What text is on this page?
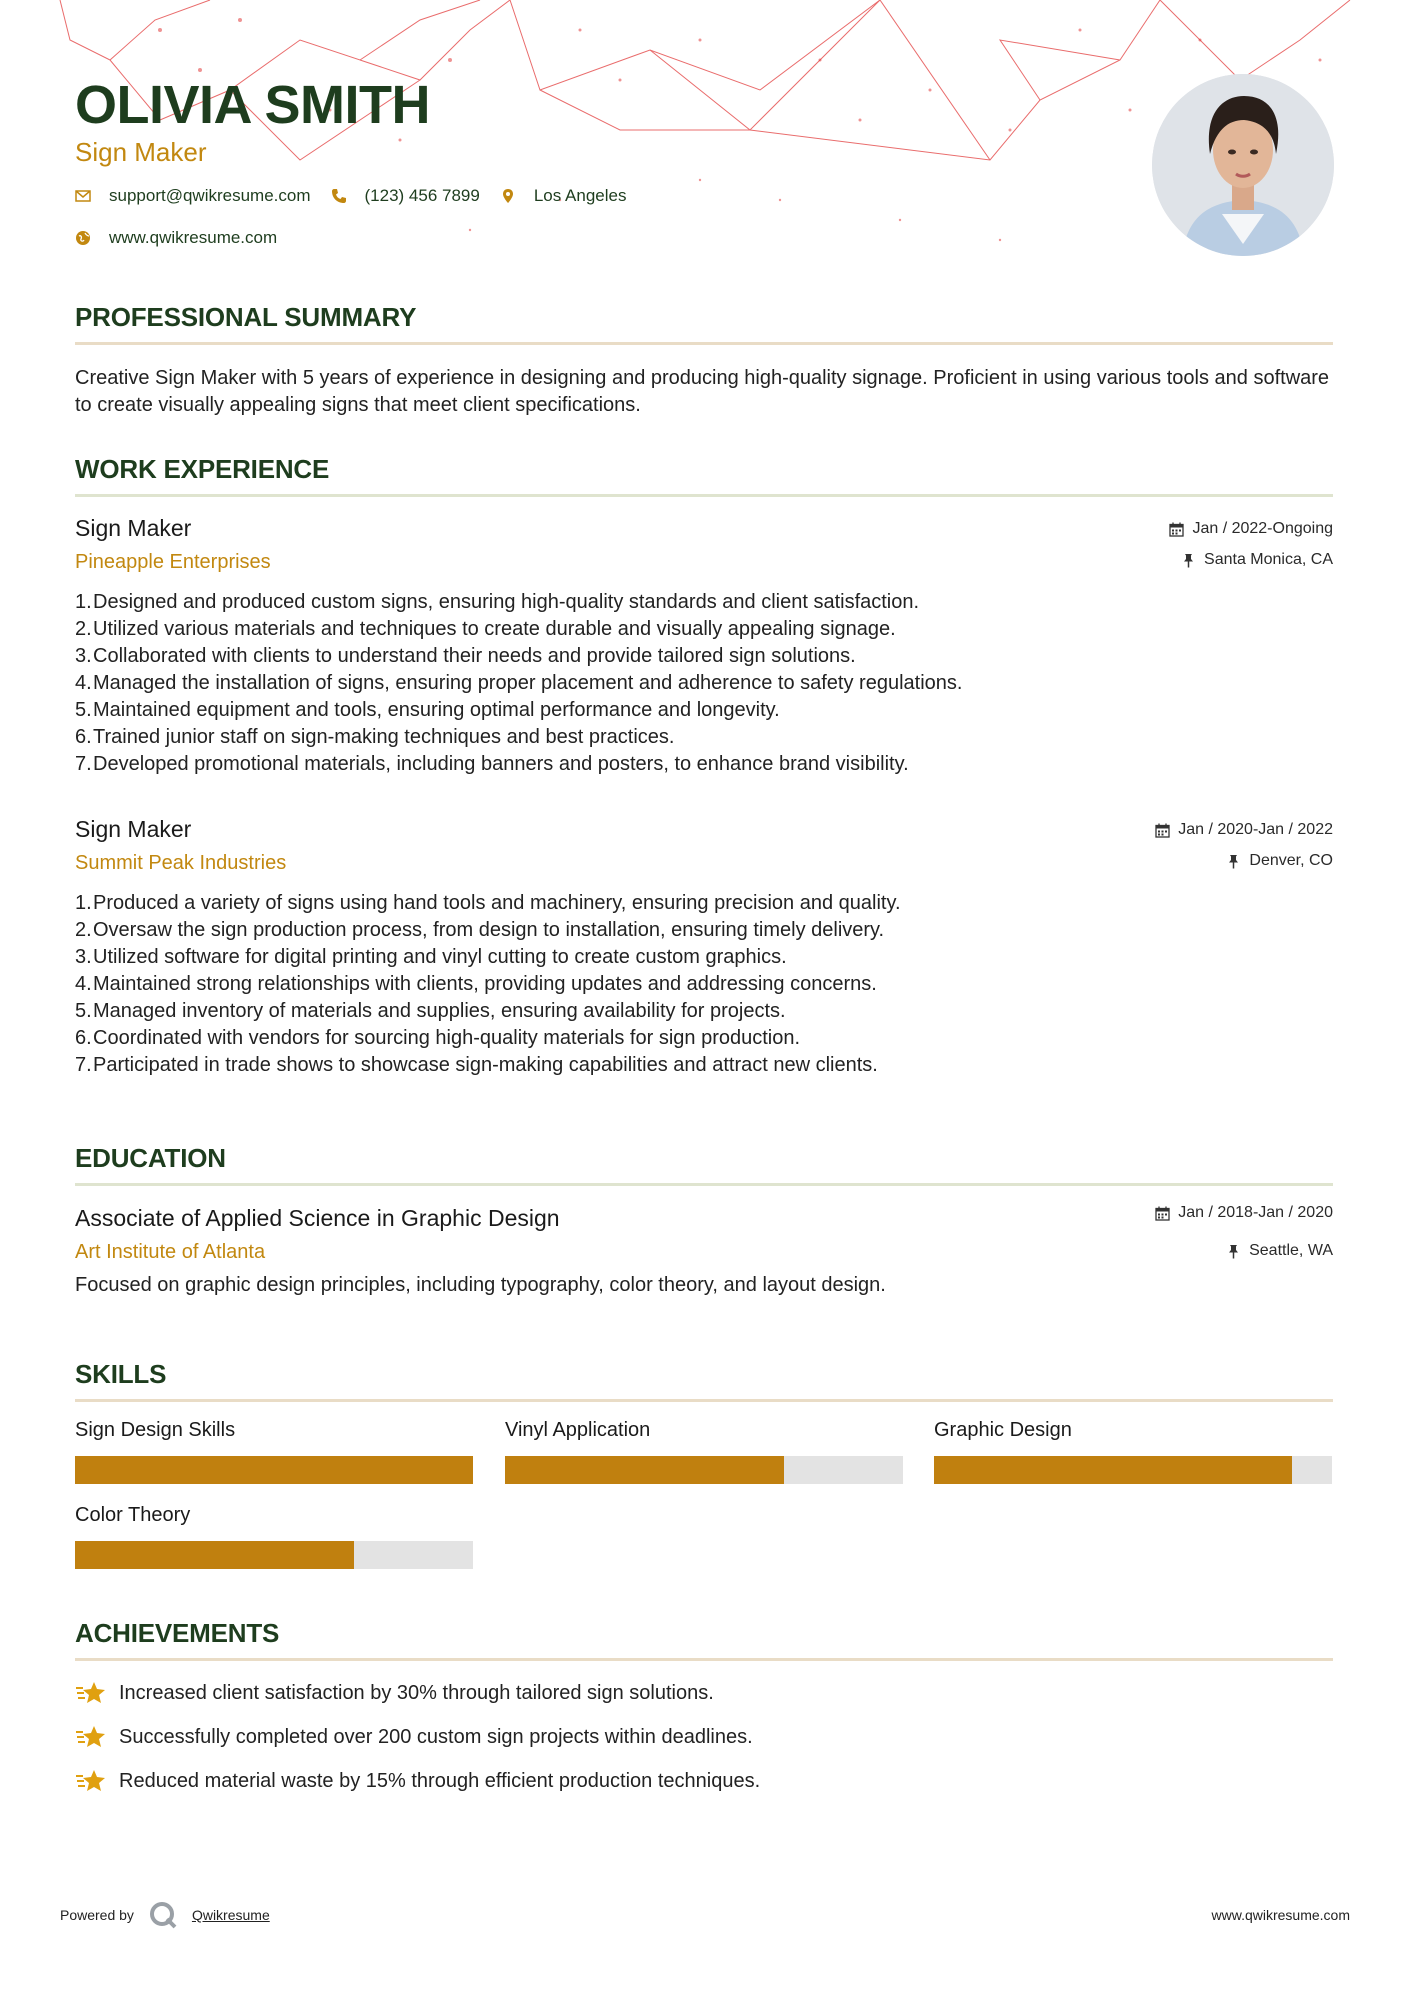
OLIVIA SMITH
Sign Maker
support@qwikresume.com	(123) 456 7899	Los Angeles
www.qwikresume.com
PROFESSIONAL SUMMARY
Creative Sign Maker with 5 years of experience in designing and producing high-quality signage. Proficient in using various tools and software to create visually appealing signs that meet client specifications.
WORK EXPERIENCE
Sign Maker
Pineapple Enterprises
Jan / 2022-Ongoing
Santa Monica, CA
1. Designed and produced custom signs, ensuring high-quality standards and client satisfaction.
2. Utilized various materials and techniques to create durable and visually appealing signage.
3. Collaborated with clients to understand their needs and provide tailored sign solutions.
4. Managed the installation of signs, ensuring proper placement and adherence to safety regulations.
5. Maintained equipment and tools, ensuring optimal performance and longevity.
6. Trained junior staff on sign-making techniques and best practices.
7. Developed promotional materials, including banners and posters, to enhance brand visibility.
Sign Maker
Summit Peak Industries
Jan / 2020-Jan / 2022
Denver, CO
1. Produced a variety of signs using hand tools and machinery, ensuring precision and quality.
2. Oversaw the sign production process, from design to installation, ensuring timely delivery.
3. Utilized software for digital printing and vinyl cutting to create custom graphics.
4. Maintained strong relationships with clients, providing updates and addressing concerns.
5. Managed inventory of materials and supplies, ensuring availability for projects.
6. Coordinated with vendors for sourcing high-quality materials for sign production.
7. Participated in trade shows to showcase sign-making capabilities and attract new clients.
EDUCATION
Associate of Applied Science in Graphic Design
Art Institute of Atlanta
Jan / 2018-Jan / 2020
Seattle, WA
Focused on graphic design principles, including typography, color theory, and layout design.
SKILLS
Sign Design Skills	Vinyl Application	Graphic Design
Color Theory
ACHIEVEMENTS
Increased client satisfaction by 30% through tailored sign solutions.
Successfully completed over 200 custom sign projects within deadlines.
Reduced material waste by 15% through efficient production techniques.
Powered by	Qwikresume	www.qwikresume.com
